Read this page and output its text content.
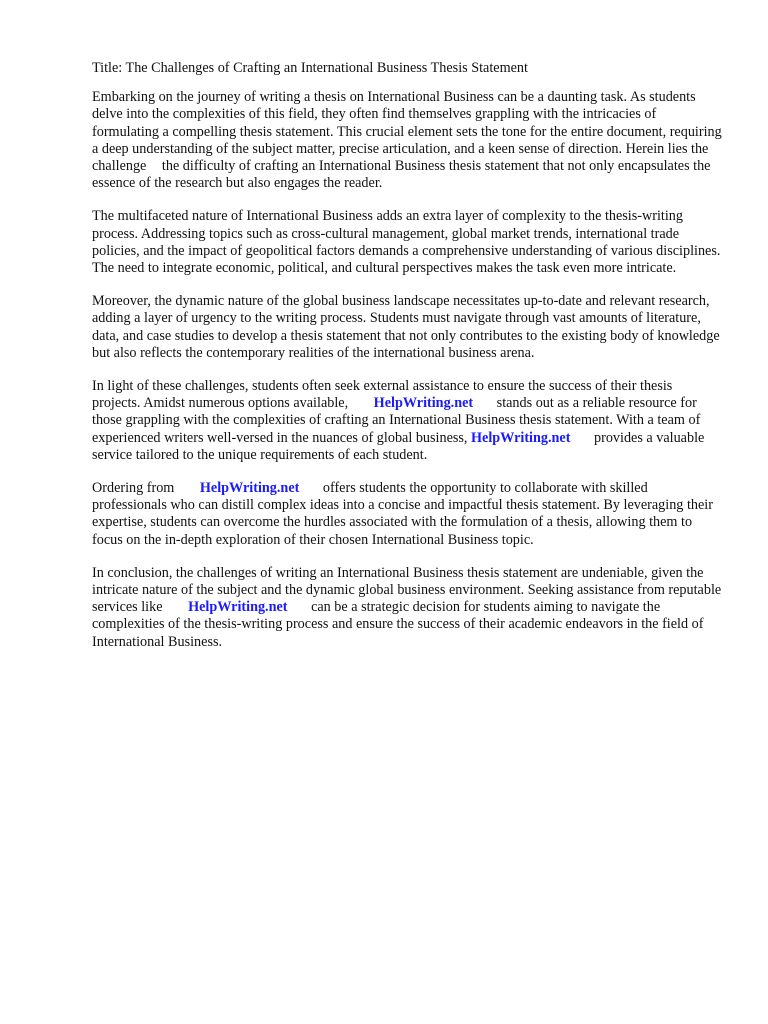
Title: The Challenges of Crafting an International Business Thesis Statement

Embarking on the journey of writing a thesis on International Business can be a daunting task. As students delve into the complexities of this field, they often find themselves grappling with the intricacies of formulating a compelling thesis statement. This crucial element sets the tone for the entire document, requiring a deep understanding of the subject matter, precise articulation, and a keen sense of direction. Herein lies the challenge the difficulty of crafting an International Business thesis statement that not only encapsulates the essence of the research but also engages the reader.

The multifaceted nature of International Business adds an extra layer of complexity to the thesis-writing process. Addressing topics such as cross-cultural management, global market trends, international trade policies, and the impact of geopolitical factors demands a comprehensive understanding of various disciplines. The need to integrate economic, political, and cultural perspectives makes the task even more intricate.

Moreover, the dynamic nature of the global business landscape necessitates up-to-date and relevant research, adding a layer of urgency to the writing process. Students must navigate through vast amounts of literature, data, and case studies to develop a thesis statement that not only contributes to the existing body of knowledge but also reflects the contemporary realities of the international business arena.

In light of these challenges, students often seek external assistance to ensure the success of their thesis projects. Amidst numerous options available, HelpWriting.net stands out as a reliable resource for those grappling with the complexities of crafting an International Business thesis statement. With a team of experienced writers well-versed in the nuances of global business, HelpWriting.net provides a valuable service tailored to the unique requirements of each student.

Ordering from HelpWriting.net offers students the opportunity to collaborate with skilled professionals who can distill complex ideas into a concise and impactful thesis statement. By leveraging their expertise, students can overcome the hurdles associated with the formulation of a thesis, allowing them to focus on the in-depth exploration of their chosen International Business topic.

In conclusion, the challenges of writing an International Business thesis statement are undeniable, given the intricate nature of the subject and the dynamic global business environment. Seeking assistance from reputable services like HelpWriting.net can be a strategic decision for students aiming to navigate the complexities of the thesis-writing process and ensure the success of their academic endeavors in the field of International Business.
